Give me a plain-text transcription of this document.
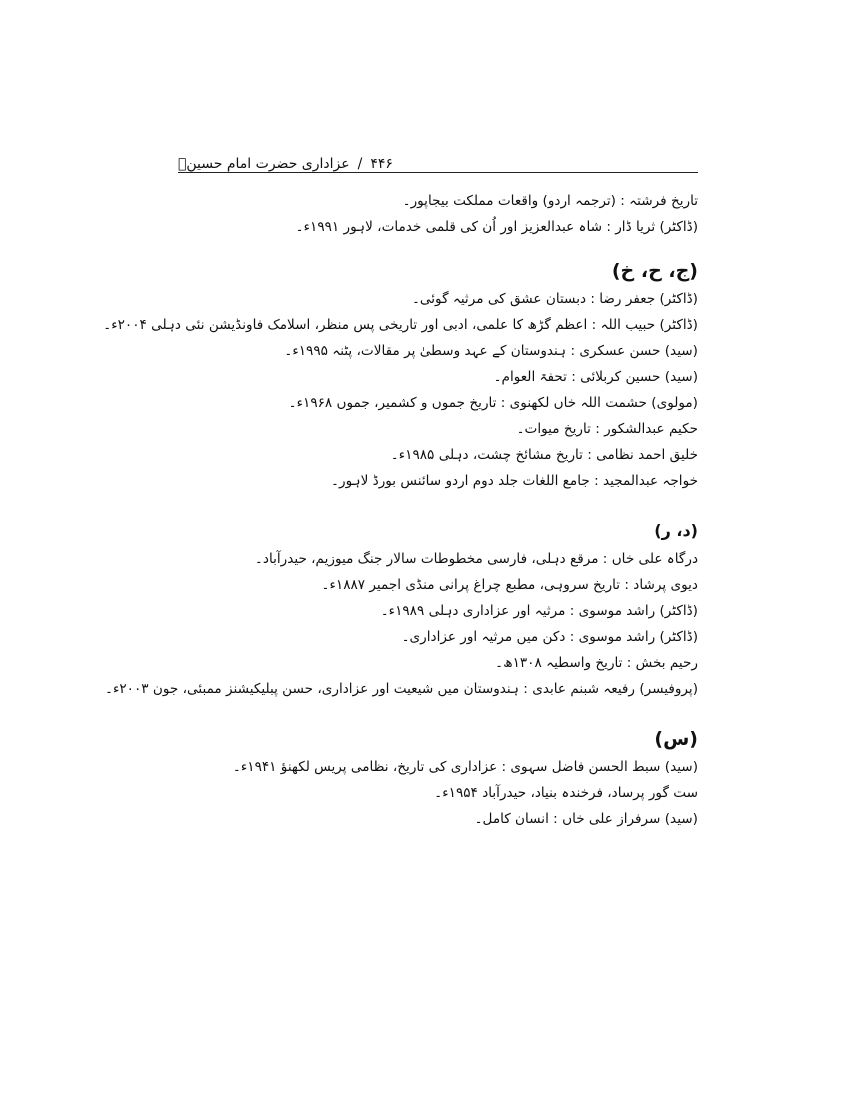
۴۴۶
/
عزاداری حضرت امام حسینؑ
تاریخ فرشتہ : (ترجمہ اردو) واقعات مملکت بیجاپور۔
(ڈاکٹر) ثریا ڈار : شاہ عبدالعزیز اور اُن کی قلمی خدمات، لاہور ۱۹۹۱ء۔
(ج، ح، خ)
(ڈاکٹر) جعفر رضا : دبستان عشق کی مرثیہ گوئی۔
(ڈاکٹر) حبیب اللہ : اعظم گڑھ کا علمی، ادبی اور تاریخی پس منظر، اسلامک فاونڈیشن نئی دہلی ۲۰۰۴ء۔
(سید) حسن عسکری : ہندوستان کے عہد وسطیٰ پر مقالات، پٹنہ ۱۹۹۵ء۔
(سید) حسین کربلائی : تحفۃ العوام۔
(مولوی) حشمت اللہ خاں لکھنوی : تاریخ جموں و کشمیر، جموں ۱۹۶۸ء۔
حکیم عبدالشکور : تاریخ میوات۔
خلیق احمد نظامی : تاریخ مشائخ چشت، دہلی ۱۹۸۵ء۔
خواجہ عبدالمجید : جامع اللغات جلد دوم اردو سائنس بورڈ لاہور۔
(د، ر)
درگاہ علی خاں : مرقع دہلی، فارسی مخطوطات سالار جنگ میوزیم، حیدرآباد۔
دیوی پرشاد : تاریخ سروہی، مطبع چراغ پرانی منڈی اجمیر ۱۸۸۷ء۔
(ڈاکٹر) راشد موسوی : مرثیہ اور عزاداری دہلی ۱۹۸۹ء۔
(ڈاکٹر) راشد موسوی : دکن میں مرثیہ اور عزاداری۔
رحیم بخش : تاریخ واسطیہ ۱۳۰۸ھ۔
(پروفیسر) رفیعہ شبنم عابدی : ہندوستان میں شیعیت اور عزاداری، حسن پبلیکیشنز ممبئی، جون ۲۰۰۳ء۔
(س)
(سید) سبط الحسن فاضل سہوی : عزاداری کی تاریخ، نظامی پریس لکھنؤ ۱۹۴۱ء۔
ست گور پرساد، فرخندہ بنیاد، حیدرآباد ۱۹۵۴ء۔
(سید) سرفراز علی خاں : انسان کامل۔
